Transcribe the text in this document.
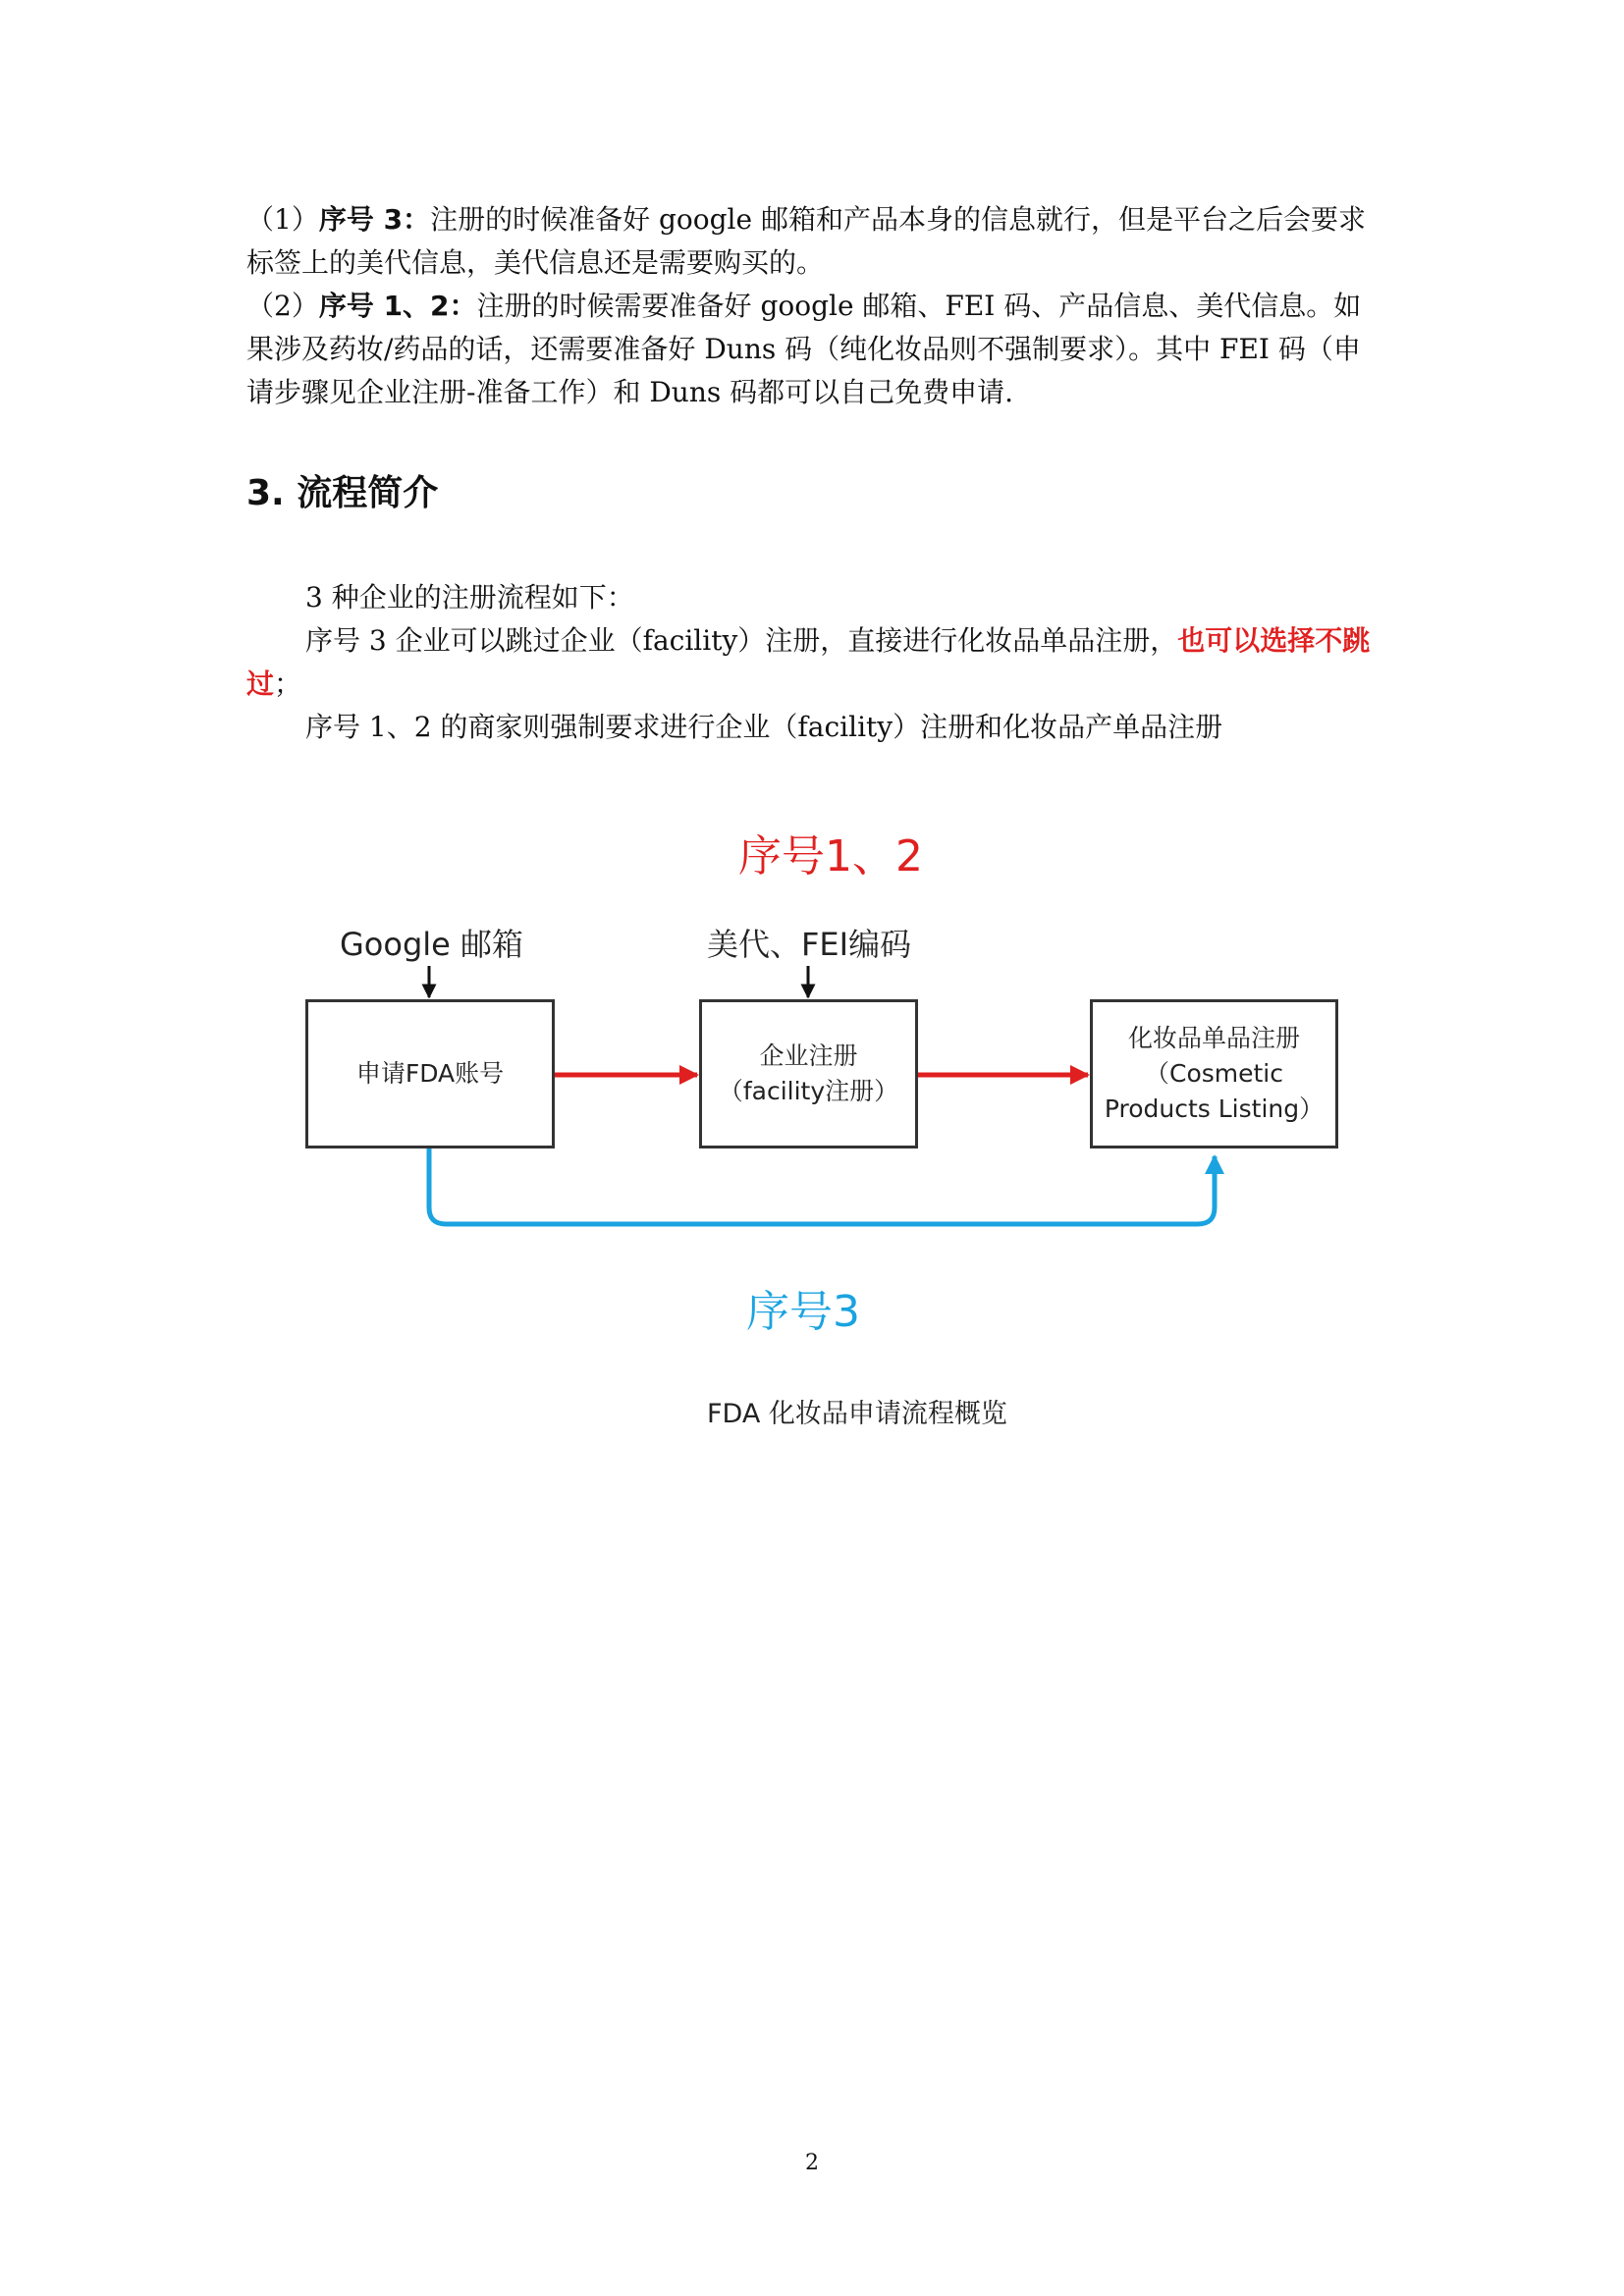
（1）序号 3：注册的时候准备好 google 邮箱和产品本身的信息就行，但是平台之后会要求标签上的美代信息，美代信息还是需要购买的。

（2）序号 1、2：注册的时候需要准备好 google 邮箱、FEI 码、产品信息、美代信息。如果涉及药妆/药品的话，还需要准备好 Duns 码（纯化妆品则不强制要求）。其中 FEI 码（申请步骤见企业注册-准备工作）和 Duns 码都可以自己免费申请.

3. 流程简介

3 种企业的注册流程如下：

序号 3 企业可以跳过企业（facility）注册，直接进行化妆品单品注册，也可以选择不跳过；

序号 1、2 的商家则强制要求进行企业（facility）注册和化妆品产单品注册

序号1、2
Google 邮箱	美代、FEI编码
申请FDA账号
企业注册
（facility注册）
化妆品单品注册
（Cosmetic
Products Listing）
序号3
FDA 化妆品申请流程概览
2
